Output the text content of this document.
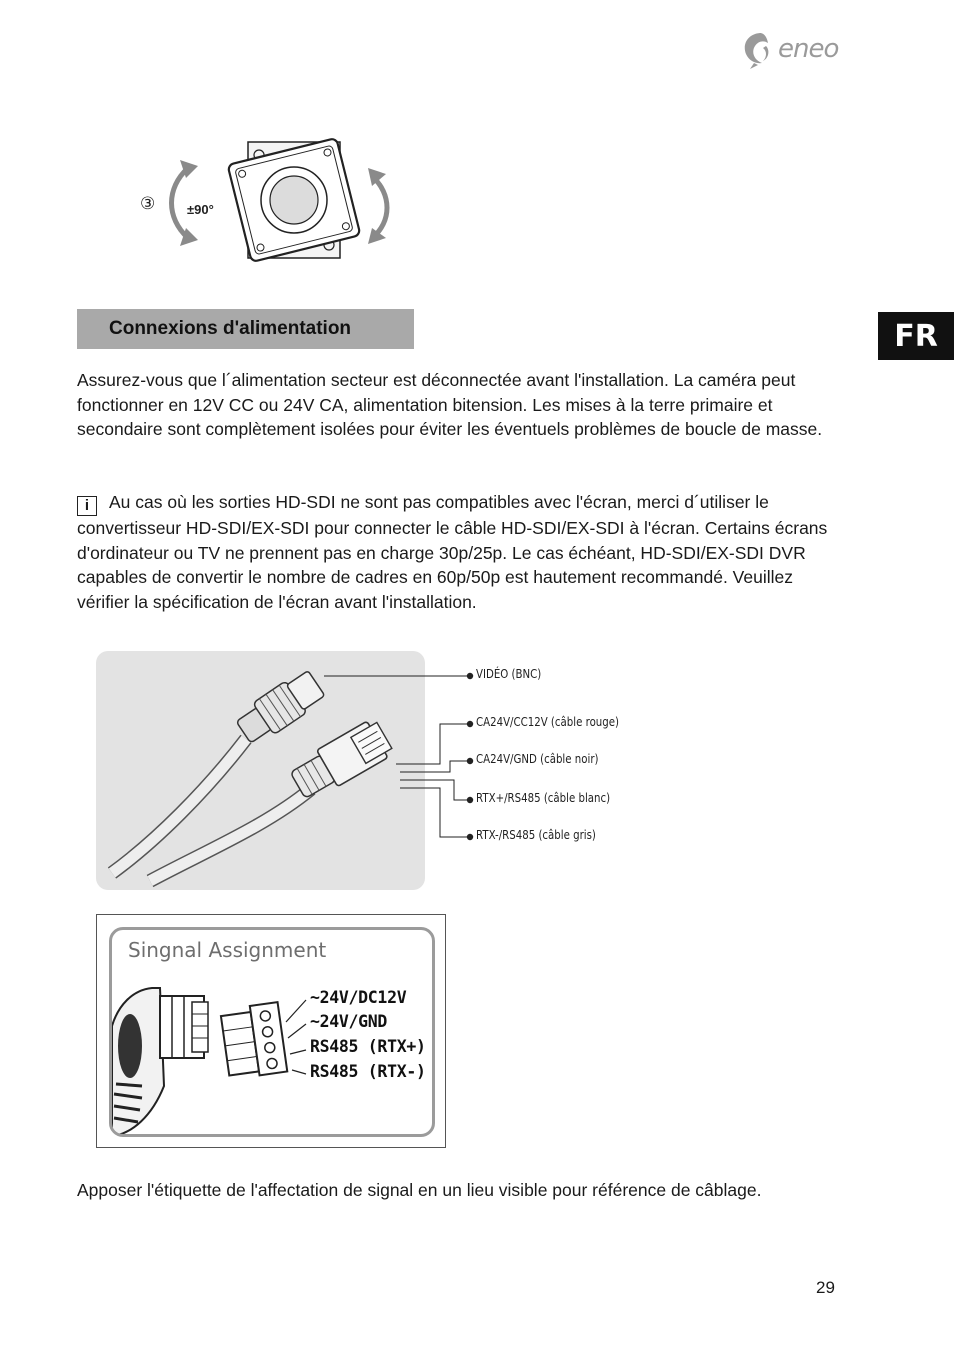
eneo
FR
③ ±90°
Connexions d'alimentation
Assurez-vous que l´alimentation secteur est déconnectée avant l'installation. La caméra peut fonctionner en 12V CC ou 24V CA, alimentation bitension. Les mises à la terre primaire et secondaire sont complètement isolées pour éviter les éventuels problèmes de boucle de masse.
i Au cas où les sorties HD-SDI ne sont pas compatibles avec l'écran, merci d´utiliser le convertisseur HD-SDI/EX-SDI pour connecter le câble HD-SDI/EX-SDI à l'écran. Certains écrans d'ordinateur ou TV ne prennent pas en charge 30p/25p. Le cas échéant, HD-SDI/EX-SDI DVR capables de convertir le nombre de cadres en 60p/50p est hautement recommandé. Veuillez vérifier la spécification de l'écran avant l'installation.
VIDÉO (BNC)
CA24V/CC12V (câble rouge)
CA24V/GND (câble noir)
RTX+/RS485 (câble blanc)
RTX-/RS485 (câble gris)
Singnal Assignment
~24V/DC12V
~24V/GND
RS485 (RTX+)
RS485 (RTX-)
Apposer l'étiquette de l'affectation de signal en un lieu visible pour référence de câblage.
29
